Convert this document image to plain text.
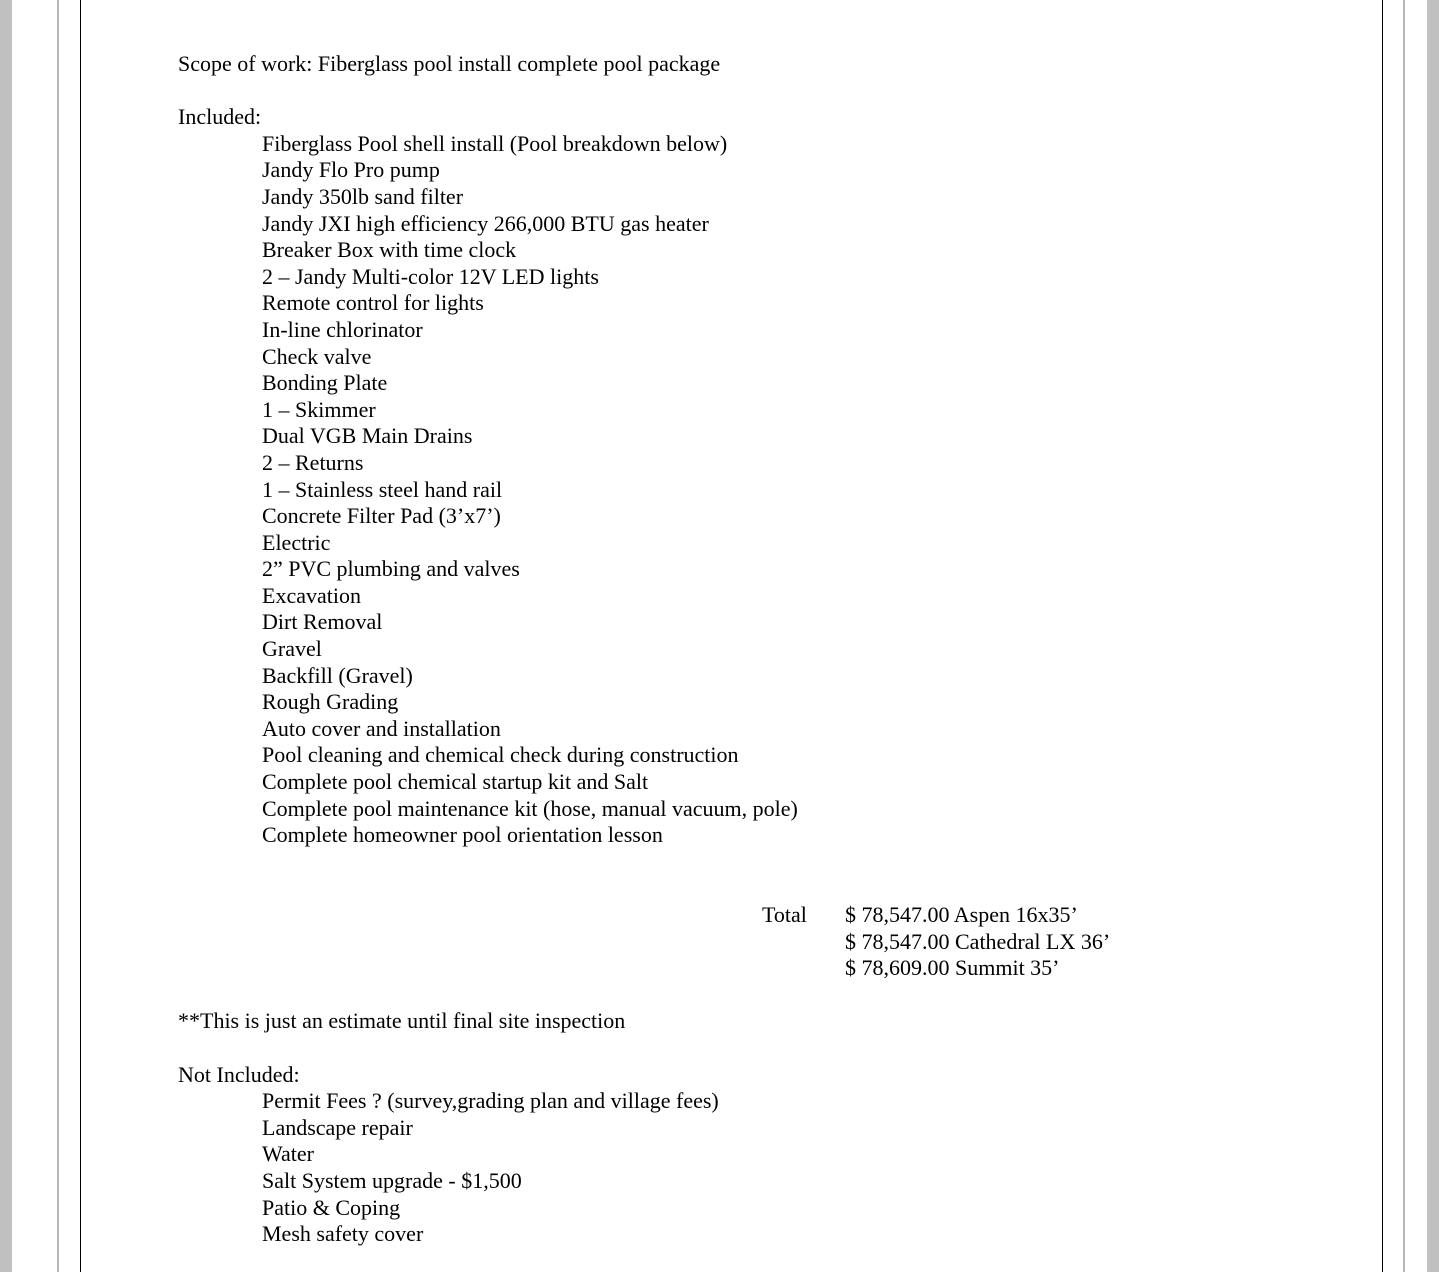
Scope of work: Fiberglass pool install complete pool package
Included:
Fiberglass Pool shell install (Pool breakdown below)
Jandy Flo Pro pump
Jandy 350lb sand filter
Jandy JXI high efficiency 266,000 BTU gas heater
Breaker Box with time clock
2 – Jandy Multi-color 12V LED lights
Remote control for lights
In-line chlorinator
Check valve
Bonding Plate
1 – Skimmer
Dual VGB Main Drains
2 – Returns
1 – Stainless steel hand rail
Concrete Filter Pad (3’x7’)
Electric
2” PVC plumbing and valves
Excavation
Dirt Removal
Gravel
Backfill (Gravel)
Rough Grading
Auto cover and installation
Pool cleaning and chemical check during construction
Complete pool chemical startup kit and Salt
Complete pool maintenance kit (hose, manual vacuum, pole)
Complete homeowner pool orientation lesson

Total

$ 78,547.00 Aspen 16x35’

$ 78,547.00 Cathedral LX 36’

$ 78,609.00 Summit 35’

**This is just an estimate until final site inspection
Not Included:
Permit Fees ? (survey,grading plan and village fees)
Landscape repair
Water
Salt System upgrade - $1,500
Patio & Coping
Mesh safety cover
